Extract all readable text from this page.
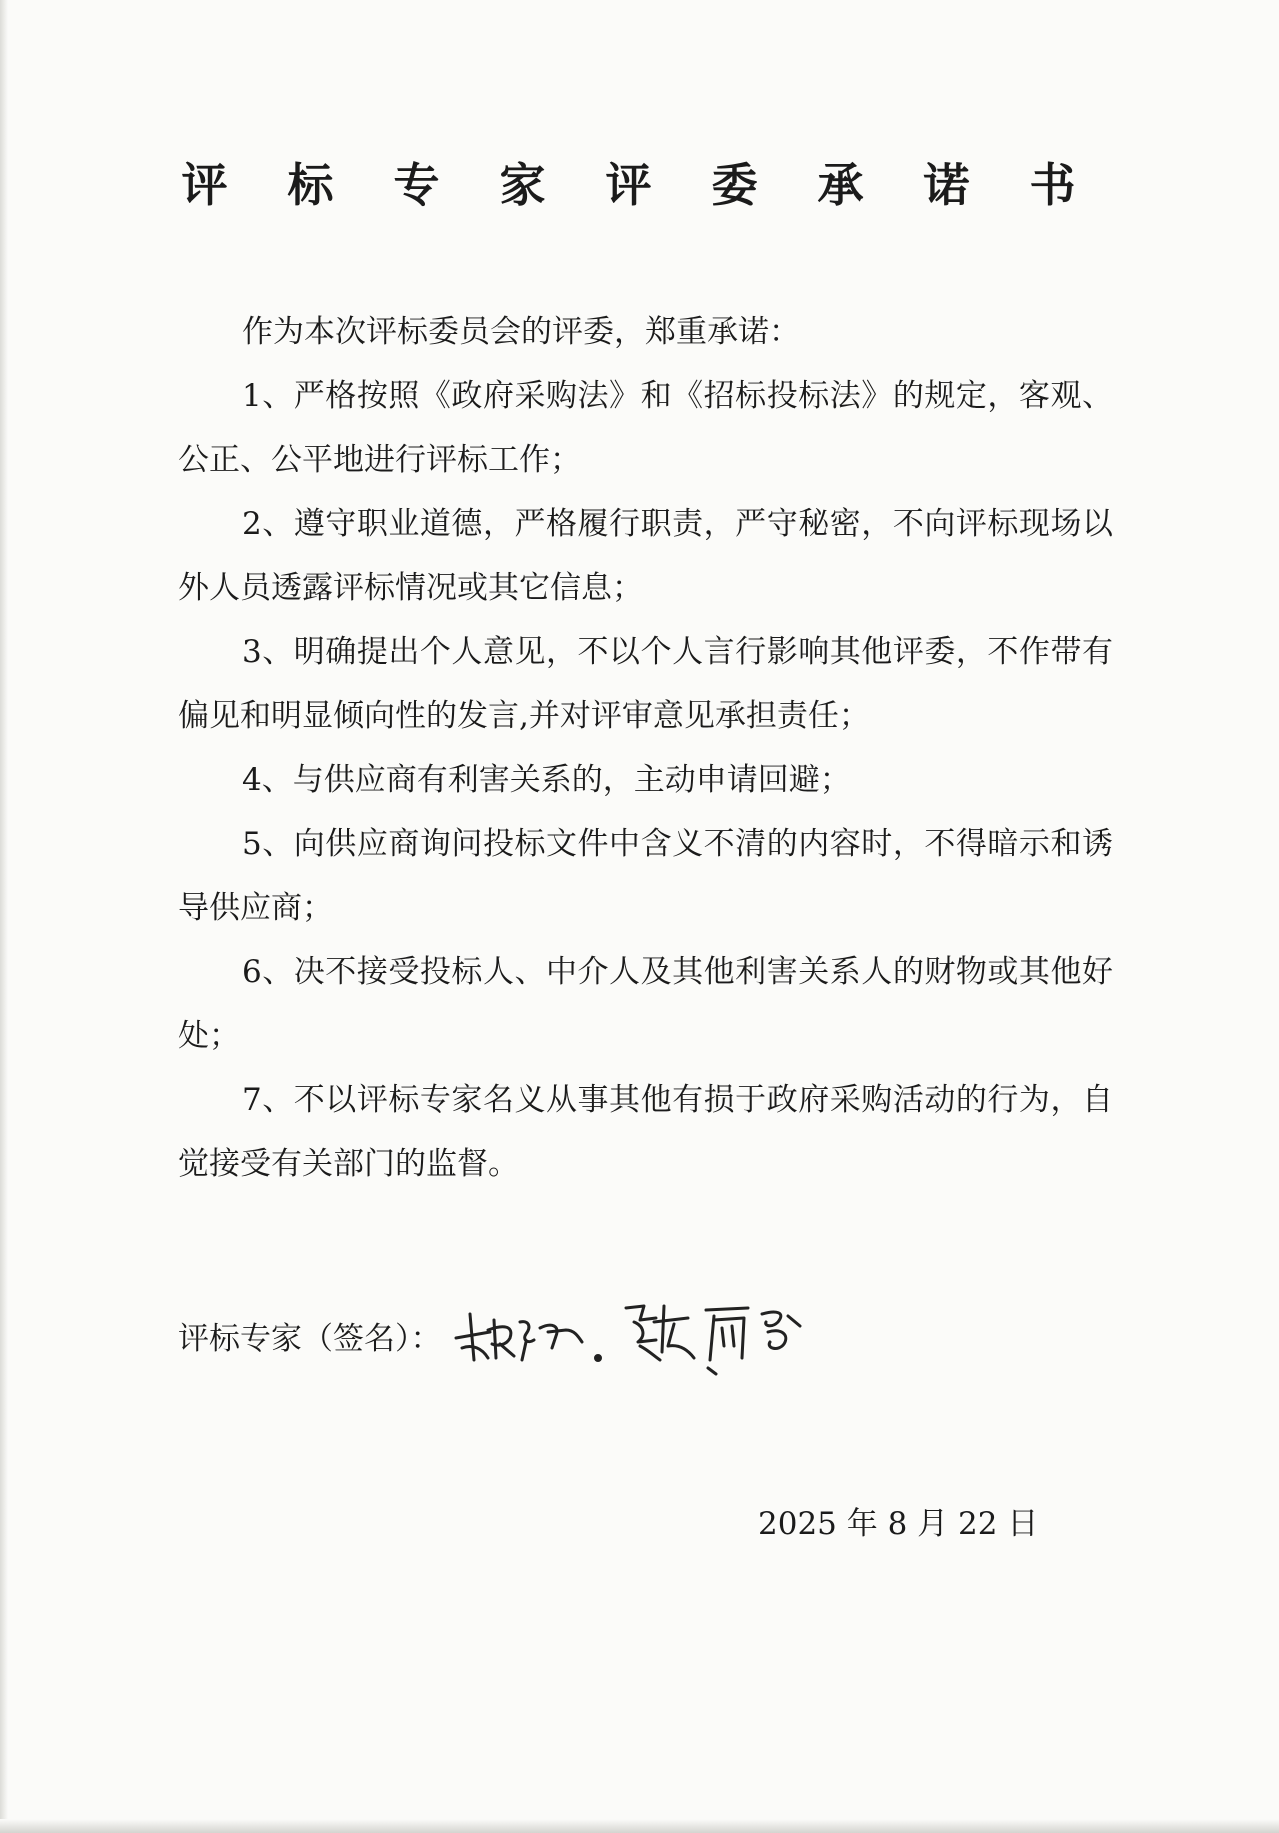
评 标 专 家 评 委 承 诺 书

作为本次评标委员会的评委，郑重承诺：

1、严格按照《政府采购法》和《招标投标法》的规定，客观、公正、公平地进行评标工作；

2、遵守职业道德，严格履行职责，严守秘密，不向评标现场以外人员透露评标情况或其它信息；

3、明确提出个人意见，不以个人言行影响其他评委，不作带有偏见和明显倾向性的发言,并对评审意见承担责任；

4、与供应商有利害关系的，主动申请回避；

5、向供应商询问投标文件中含义不清的内容时，不得暗示和诱导供应商；

6、决不接受投标人、中介人及其他利害关系人的财物或其他好处；

7、不以评标专家名义从事其他有损于政府采购活动的行为，自觉接受有关部门的监督。

评标专家（签名）：
2025 年 8 月 22 日
